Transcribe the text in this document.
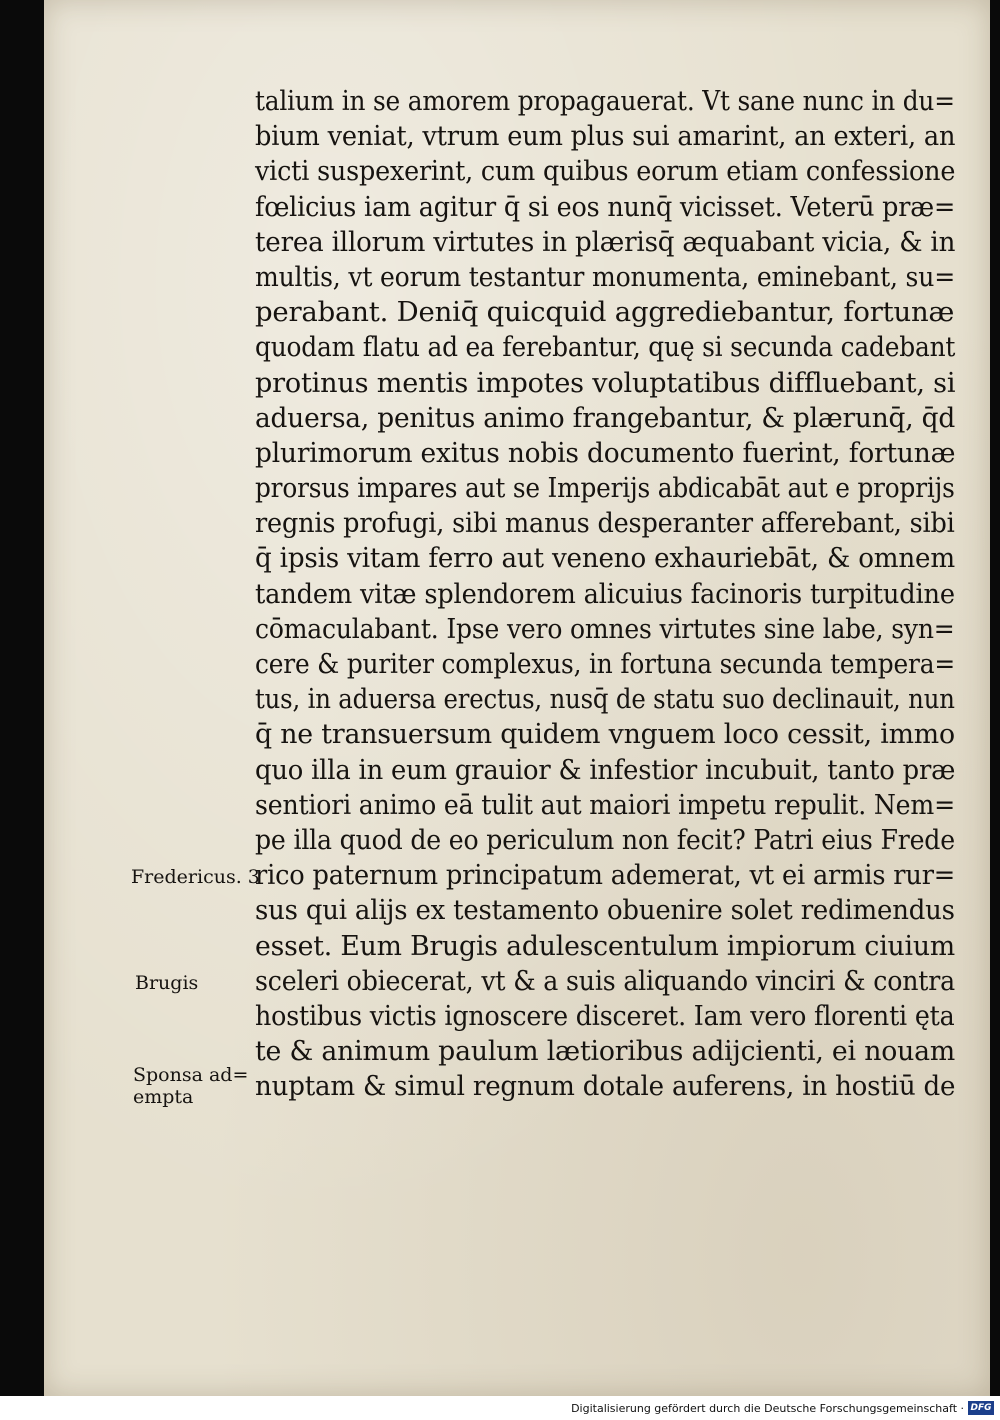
talium in se amorem propagauerat. Vt sane nunc in du=
bium veniat, vtrum eum plus sui amarint, an exteri, an
victi suspexerint, cum quibus eorum etiam confessione
fœlicius iam agitur q̄ si eos nunq̄ vicisset. Veterū præ=
terea illorum virtutes in plærisq̄ æquabant vicia, & in
multis, vt eorum testantur monumenta, eminebant, su=
perabant. Deniq̄ quicquid aggrediebantur, fortunæ
quodam flatu ad ea ferebantur, quę si secunda cadebant
protinus mentis impotes voluptatibus diffluebant, si
aduersa, penitus animo frangebantur, & plærunq̄, q̄d
plurimorum exitus nobis documento fuerint, fortunæ
prorsus impares aut se Imperijs abdicabāt aut e proprijs
regnis profugi, sibi manus desperanter afferebant, sibi
q̄ ipsis vitam ferro aut veneno exhauriebāt, & omnem
tandem vitæ splendorem alicuius facinoris turpitudine
cōmaculabant. Ipse vero omnes virtutes sine labe, syn=
cere & puriter complexus, in fortuna secunda tempera=
tus, in aduersa erectus, nusq̄ de statu suo declinauit, nun
q̄ ne transuersum quidem vnguem loco cessit, immo
quo illa in eum grauior & infestior incubuit, tanto præ
sentiori animo eā tulit aut maiori impetu repulit. Nem=
pe illa quod de eo periculum non fecit? Patri eius Frede
rico paternum principatum ademerat, vt ei armis rur=
sus qui alijs ex testamento obuenire solet redimendus
esset. Eum Brugis adulescentulum impiorum ciuium
sceleri obiecerat, vt & a suis aliquando vinciri & contra
hostibus victis ignoscere disceret. Iam vero florenti ęta
te & animum paulum lætioribus adijcienti, ei nouam
nuptam & simul regnum dotale auferens, in hostiū de
Fredericus. 3
Brugis
Sponsa ad=
empta
Digitalisierung gefördert durch die Deutsche Forschungsgemeinschaft · DFG
